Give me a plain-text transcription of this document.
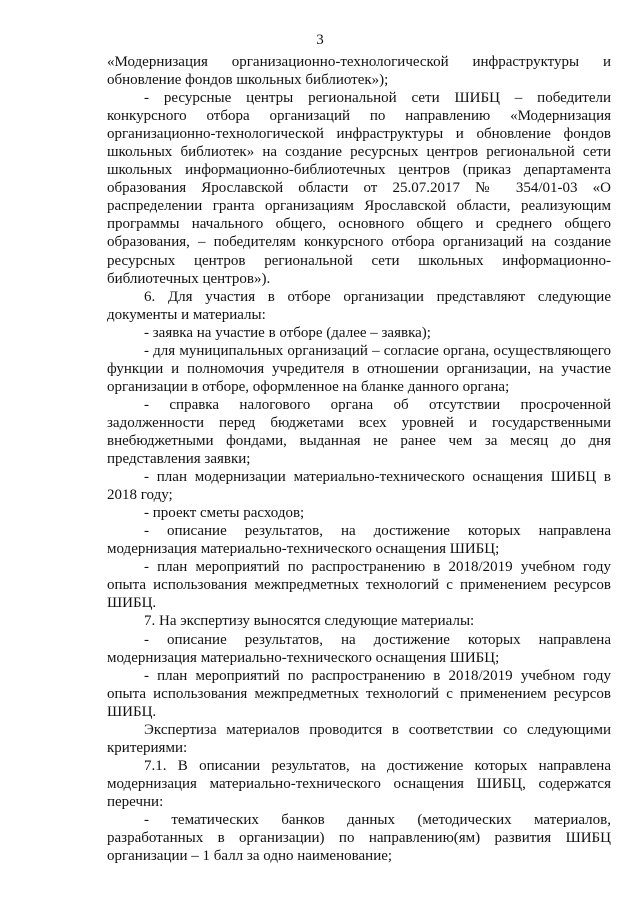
3

«Модернизация организационно-технологической инфраструктуры и обновление фондов школьных библиотек»);

- ресурсные центры региональной сети ШИБЦ – победители конкурсного отбора организаций по направлению «Модернизация организационно-технологической инфраструктуры и обновление фондов школьных библиотек» на создание ресурсных центров региональной сети школьных информационно-библиотечных центров (приказ департамента образования Ярославской области от 25.07.2017 № 354/01-03 «О распределении гранта организациям Ярославской области, реализующим программы начального общего, основного общего и среднего общего образования, – победителям конкурсного отбора организаций на создание ресурсных центров региональной сети школьных информационно-библиотечных центров»).

6. Для участия в отборе организации представляют следующие документы и материалы:

- заявка на участие в отборе (далее – заявка);

- для муниципальных организаций – согласие органа, осуществляющего функции и полномочия учредителя в отношении организации, на участие организации в отборе, оформленное на бланке данного органа;

- справка налогового органа об отсутствии просроченной задолженности перед бюджетами всех уровней и государственными внебюджетными фондами, выданная не ранее чем за месяц до дня представления заявки;

- план модернизации материально-технического оснащения ШИБЦ в 2018 году;

- проект сметы расходов;

- описание результатов, на достижение которых направлена модернизация материально-технического оснащения ШИБЦ;

- план мероприятий по распространению в 2018/2019 учебном году опыта использования межпредметных технологий с применением ресурсов ШИБЦ.

7. На экспертизу выносятся следующие материалы:

- описание результатов, на достижение которых направлена модернизация материально-технического оснащения ШИБЦ;

- план мероприятий по распространению в 2018/2019 учебном году опыта использования межпредметных технологий с применением ресурсов ШИБЦ.

Экспертиза материалов проводится в соответствии со следующими критериями:

7.1. В описании результатов, на достижение которых направлена модернизация материально-технического оснащения ШИБЦ, содержатся перечни:

- тематических банков данных (методических материалов, разработанных в организации) по направлению(ям) развития ШИБЦ организации – 1 балл за одно наименование;
